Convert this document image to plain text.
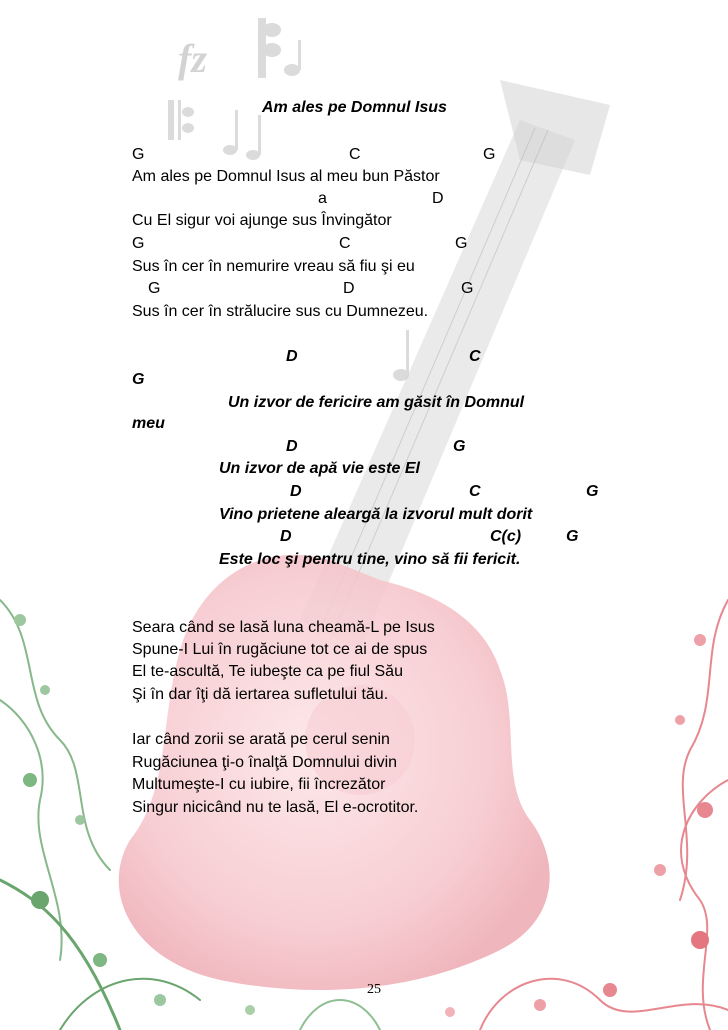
fz
Am ales pe Domnul Isus
G	C	G
Am ales pe Domnul Isus al meu bun Păstor
a	D
Cu El sigur voi ajunge sus Învingător
G	C	G
Sus în cer în nemurire vreau să fiu şi eu
G	D	G
Sus în cer în strălucire sus cu Dumnezeu.
D	C
G
Un izvor de fericire am găsit în Domnul
meu
D	G
Un izvor de apă vie este El
D	C	G
Vino prietene aleargă la izvorul mult dorit
D	C(c)	G
Este loc şi pentru tine, vino să fii fericit.
Seara când se lasă luna cheamă-L pe Isus
Spune-I Lui în rugăciune tot ce ai de spus
El te-ascultă, Te iubeşte ca pe fiul Său
Şi în dar îţi dă iertarea sufletului tău.
Iar când zorii se arată pe cerul senin
Rugăciunea ţi-o înalţă Domnului divin
Multumeşte-I cu iubire, fii încrezător
Singur nicicând nu te lasă, El e-ocrotitor.
25
